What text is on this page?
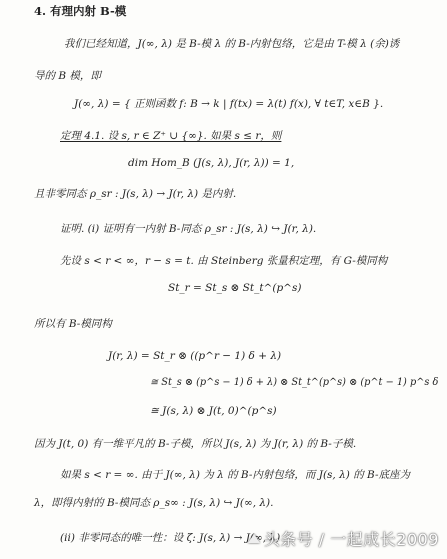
4. 有理内射 B-模
我们已经知道，J(∞, λ) 是 B-模 λ 的 B-内射包络，它是由 T-模 λ (余)诱
导的 B 模，即
J(∞, λ) = { 正则函数 f: B → k | f(tx) = λ(t) f(x), ∀ t∈T, x∈B }.
定理 4.1. 设 s, r ∈ Z⁺ ∪ {∞}. 如果 s ≤ r，则
dim Hom_B (J(s, λ), J(r, λ)) = 1,
且非零同态 ρ_sr : J(s, λ) → J(r, λ) 是内射.
证明. (i) 证明有一内射 B-同态 ρ_sr : J(s, λ) ↪ J(r, λ).
先设 s < r < ∞，r − s = t. 由 Steinberg 张量积定理，有 G-模同构
St_r = St_s ⊗ St_t^(p^s)
所以有 B-模同构
J(r, λ) = St_r ⊗ ((p^r − 1) δ + λ)
≅ St_s ⊗ (p^s − 1) δ + λ) ⊗ St_t^(p^s) ⊗ (p^t − 1) p^s δ
≅ J(s, λ) ⊗ J(t, 0)^(p^s)
因为 J(t, 0) 有一维平凡的 B-子模，所以 J(s, λ) 为 J(r, λ) 的 B-子模.
如果 s < r = ∞. 由于 J(∞, λ) 为 λ 的 B-内射包络，而 J(s, λ) 的 B-底座为
λ，即得内射的 B-模同态 ρ_s∞ : J(s, λ) ↪ J(∞, λ).
(ii) 非零同态的唯一性：设 ζ: J(s, λ) → J(∞, λ)
头条号 / 一起成长2009
